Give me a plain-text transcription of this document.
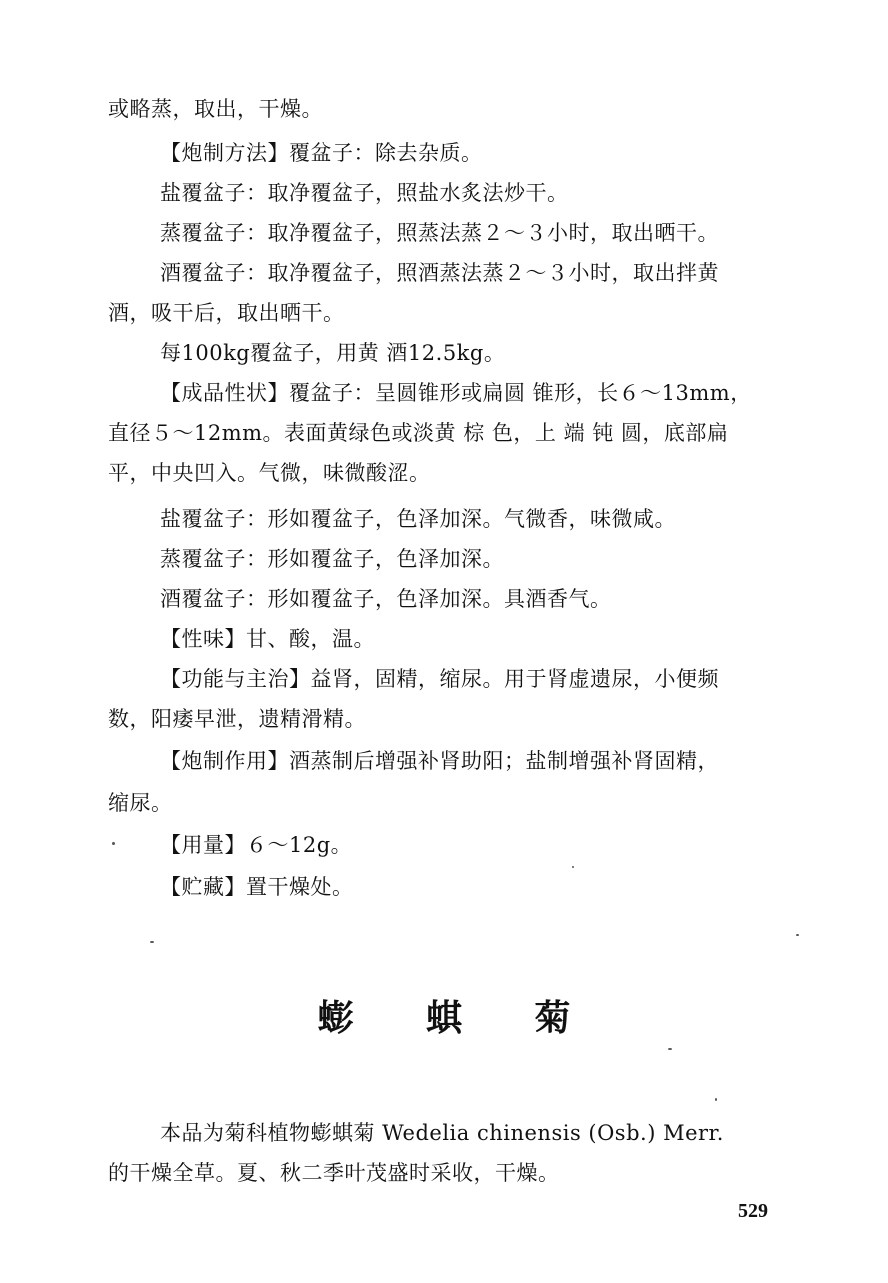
或略蒸，取出，干燥。
【炮制方法】覆盆子：除去杂质。
盐覆盆子：取净覆盆子，照盐水炙法炒干。
蒸覆盆子：取净覆盆子，照蒸法蒸２～３小时，取出晒干。
酒覆盆子：取净覆盆子，照酒蒸法蒸２～３小时，取出拌黄
酒，吸干后，取出晒干。
每100kg覆盆子，用黄 酒12.5kg。
【成品性状】覆盆子：呈圆锥形或扁圆 锥形，长６～13mm，
直径５～12mm。表面黄绿色或淡黄 棕 色，上 端 钝 圆，底部扁
平，中央凹入。气微，味微酸涩。
盐覆盆子：形如覆盆子，色泽加深。气微香，味微咸。
蒸覆盆子：形如覆盆子，色泽加深。
酒覆盆子：形如覆盆子，色泽加深。具酒香气。
【性味】甘、酸，温。
【功能与主治】益肾，固精，缩尿。用于肾虚遗尿，小便频
数，阳痿早泄，遗精滑精。
【炮制作用】酒蒸制后增强补肾助阳；盐制增强补肾固精，
缩尿。
【用量】６～12g。
【贮藏】置干燥处。
蟛 蜞 菊
本品为菊科植物蟛蜞菊 Wedelia chinensis (Osb.) Merr.
的干燥全草。夏、秋二季叶茂盛时采收，干燥。
529
